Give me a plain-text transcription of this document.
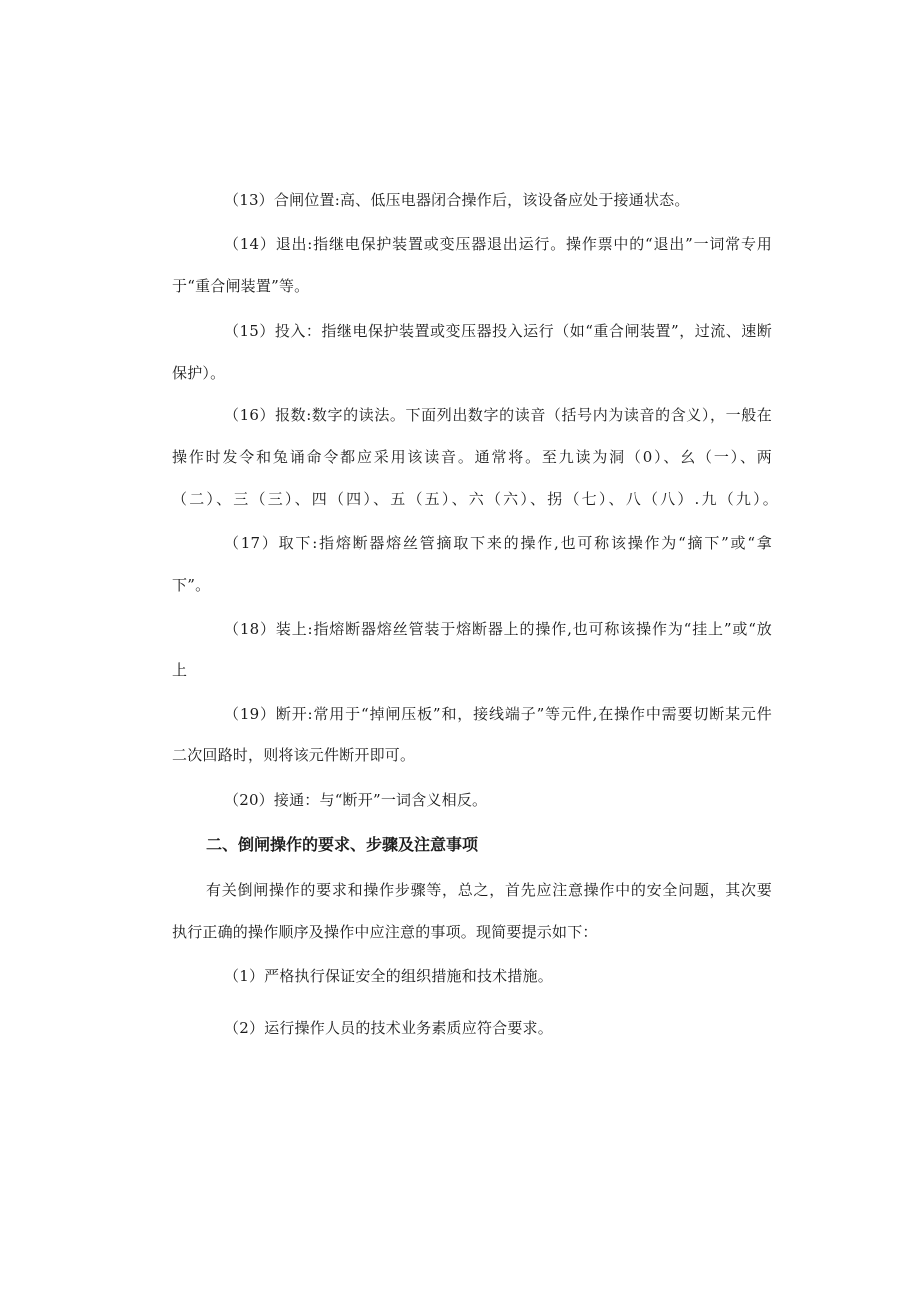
（13）合闸位置:高、低压电器闭合操作后，该设备应处于接通状态。
（14）退出:指继电保护装置或变压器退出运行。操作票中的“退出”一词常专用
于“重合闸装置”等。
（15）投入：指继电保护装置或变压器投入运行（如“重合闸装置”，过流、速断
保护）。
（16）报数:数字的读法。下面列出数字的读音（括号内为读音的含义），一般在
操作时发令和兔诵命令都应采用该读音。通常将。至九读为洞（0）、幺（一）、两
（二）、三（三）、四（四）、五（五）、六（六）、拐（七）、八（八）.九（九）。
（17）取下:指熔断器熔丝管摘取下来的操作,也可称该操作为“摘下”或“拿
下”。
（18）装上:指熔断器熔丝管装于熔断器上的操作,也可称该操作为“挂上”或“放
上
（19）断开:常用于“掉闸压板”和，接线端子”等元件,在操作中需要切断某元件
二次回路时，则将该元件断开即可。
（20）接通：与“断开”一词含义相反。
二、倒闸操作的要求、步骤及注意事项
有关倒闸操作的要求和操作步骤等，总之，首先应注意操作中的安全问题，其次要
执行正确的操作顺序及操作中应注意的事项。现简要提示如下：
（1）严格执行保证安全的组织措施和技术措施。
（2）运行操作人员的技术业务素质应符合要求。
